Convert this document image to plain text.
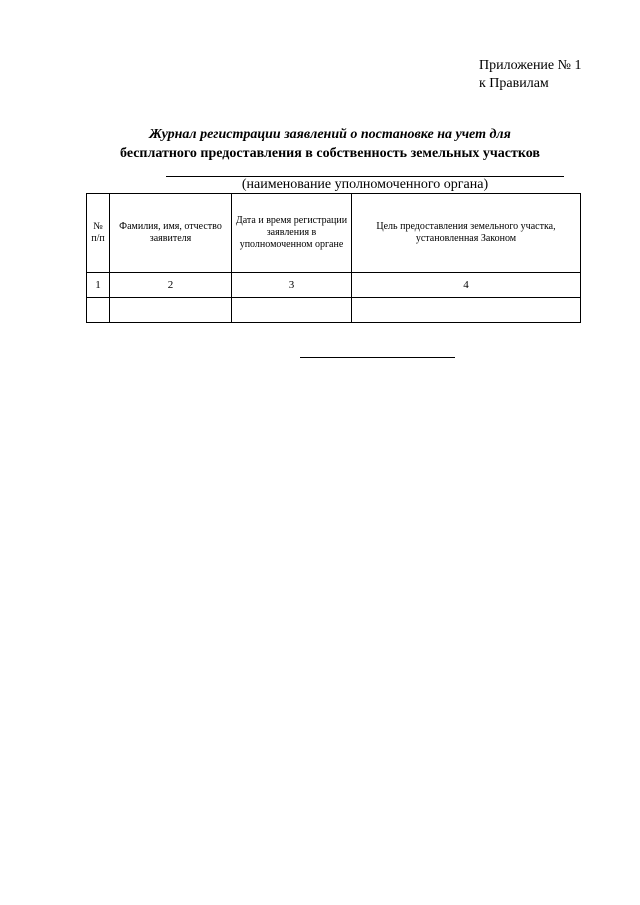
Приложение № 1
к Правилам
Журнал регистрации заявлений о постановке на учет для
бесплатного предоставления в собственность земельных участков
(наименование уполномоченного органа)
№ п/п	Фамилия, имя, отчество заявителя	Дата и время регистрации заявления в уполномоченном органе	Цель предоставления земельного участка, установленная Законом
1	2	3	4
